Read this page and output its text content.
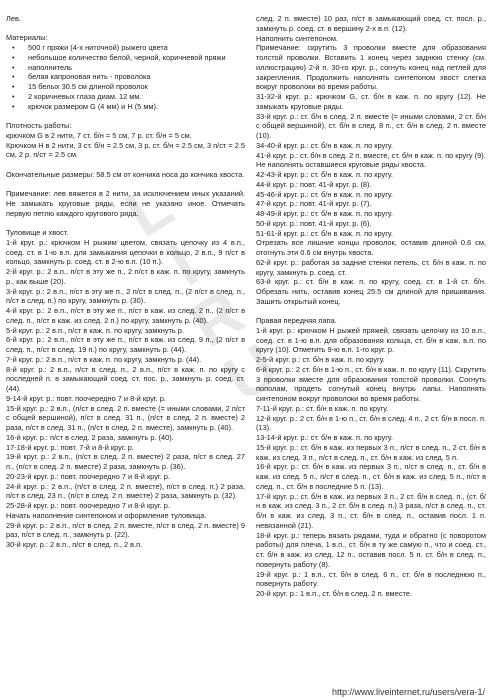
L
I
R
U

Лев.

Материалы:

• 500 г пряжи (4-х ниточной) рыжего цвета

• небольшое количество белой, черной, коричневой пряжи

• наполнитель

• белая капроновая нить - проволока

• 15 белых 30.5 см длиной проволок

• 2 коричневых глаза диам. 12 мм.

• крючок размером G (4 мм) и H (5 мм).

Плотность работы:

крючком G в 2 нити, 7 ст. б/н = 5 см, 7 р. ст. б/н = 5 см.

Крючком H в 2 нити, 3 ст. б/н = 2.5 см, 3 р. ст. б/н = 2.5 см, 3 п/ст = 2.5 см, 2 р. п/ст = 2.5 см.

Окончательные размеры: 58.5 см от кончика носа до кончика хвоста.

Примечание: лев вяжется в 2 нити, за исключением иных указаний. Не замыкать круговые ряды, если не указано иное. Отмечать первую петлю каждого кругового ряда.

Туловище и хвост.

1-й круг. р.: крючком H рыжим цветом, связать цепочку из 4 в.п., соед. ст. в 1-ю в.п. для замыкания цепочки в кольцо, 2 в.п., 9 п/ст в кольцо, замкнуть р. соед. ст. в 2-ю в.п. (10 п.).

2-й круг. р.: 2 в.п., п/ст в эту же п., 2 п/ст в каж. п. по кругу, замкнуть р., как выше (20).

3-й круг. р.: 2 в.п., п/ст в эту же п., 2 п/ст в след. п., (2 п/ст в след. п., п/ст в след. п.) по кругу, замкнуть р. (30).

4-й круг. р.: 2 в.п., п/ст в эту же п., п/ст в каж. из след. 2 п., (2 п/ст в след. п., п/ст в каж. из след. 2 п.) по кругу, замкнуть р. (40).

5-й круг. р.: 2 в.п., п/ст в каж. п. по кругу, замкнуть р.

6-й круг. р.: 2 в.п., п/ст в эту же п., п/ст в каж. из след. 9 п., (2 п/ст в след. п., п/ст в след. 19 п.) по кругу, замкнуть р. (44).

7-й круг. р.: 2 в.п., п/ст в каж. п. по кругу, замкнуть р. (44).

8-й круг. р.: 2 в.п., п/ст в след. п., 2 в.п., п/ст в каж. п. по кругу с последней п. в замыкающий соед. ст. пос. р., замкнуть р. соед. ст. (44).

9-14-й круг. р.: повт. поочередно 7 и 8-й круг. р.

15-й круг. р.: 2 в.п., (п/ст в след. 2 п. вместе (= иными словами, 2 п/ст с общей вершиной), п/ст в след. 31 п., (п/ст в след. 2 п. вместе) 2 раза, п/ст в след. 31 п., (п/ст в след. 2 п. вместе), замкнуть р. (40).

16-й круг. р.: п/ст в след. 2 раза, замкнуть р. (40).

17-18-й круг. р.: повт. 7-й и 8-й круг. р.

19-й круг. р.: 2 в.п., (п/ст в след. 2 п. вместе) 2 раза, п/ст в след. 27 п., (п/ст в след. 2 п. вместе) 2 раза, замкнуть р. (36).

20-23-й круг. р.: повт. поочередно 7 и 8-й круг. р.

24-й круг. р.: 2 в.п., (п/ст в след. 2 п. вместе), п/ст в след. п.) 2 раза, п/ст в след. 23 п., (п/ст в след. 2 п. вместе) 2 раза, замкнуть р. (32).

25-28-й круг. р.: повт. поочередно 7 и 8-й круг. р.

Начать наполнение синтепоном и оформление туловища.

29-й круг. р.: 2 в.п., п/ст в след. 2 п. вместе, п/ст в след. 2 п. вместе) 9 раз, п/ст в след. п., замкнуть р. (22).

30-й круг. р.: 2 в.п., п/ст в след. п., 2 в.п.

след. 2 п. вместе) 10 раз, п/ст в замыкающий соед. ст. посл. р., замкнуть р. соед. ст. в вершину 2-х в.п. (12).

Наполнить синтепоном.

Примечание: скрутить 3 проволки вместе для образования толстой проволки. Вставить 1 конец через заднюю стенку (см. иллюстрацию) 2-й п. 30-го круг. р., согнуть конец над петлей для закрепления. Продолжить наполнять синтепоном хвост слегка вокруг проволоки во время работы.

31-32-й круг. р.: крючком G, ст. б/н в каж. п. по кругу (12). Не замыкать круговые ряды.

33-й круг. р.: ст. б/н в след. 2 п. вместе (= иными словами, 2 ст. б/н с общей вершиной), ст. б/н в след. 8 п., ст. б/н в след. 2 п. вместе (10).

34-40-й круг. р.: ст. б/н в каж. п. по кругу.

41-й круг. р.: ст. б/н в след. 2 п. вместе, ст. б/н в каж. п. по кругу (9).

Не наполнять оставшиеся круговые ряды хвоста.

42-43-й круг. р.: ст. б/н в каж. п. по кругу.

44-й круг. р.: повт. 41-й круг. р. (8).

45-46-й круг. р.: ст. б/н в каж. п. по кругу.

47-й круг. р.: повт. 41-й круг. р. (7).

48-49-й круг. р.: ст. б/н в каж. п. по кругу.

50-й круг. р.: повт. 41-й круг. р. (6).

51-61-й круг. р.: ст. б/н в каж. п. по кругу.

Отрезать все лишние концы проволок, оставив длиной 0.6 см, отогнуть эти 0.6 см внутрь хвоста.

62-й круг. р.: работая за задние стенки петель, ст. б/н в каж. п. по кругу, замкнуть р. соед. ст.

63-й круг. р.: ст. б/н в каж. п. по кругу, соед. ст. в 1-й ст. б/н. Обрезать нить, оставив конец 25.5 см длиной для пришивания. Зашить открытый конец.

Правая передняя лапа.

1-й круг. р.: крючком H рыжей пряжей, связать цепочку из 10 в.п., соед. ст. в 1-ю в.п. для образования кольца, ст. б/н в каж. в.п. по кругу (10). Отметить 9-ю в.п. 1-го круг. р.

2-5-й круг. р.: ст. б/н в каж. п. по кругу.

6-й круг. р.: 2 ст. б/н в 1-ю п., ст. б/н в каж. п. по кругу (11). Скрутить 3 проволки вместе для образования толстой проволки. Согнуть пополам, продеть согнутый конец внутрь лапы. Наполнять синтепоном вокруг проволоки во время работы.

7-11-й круг. р.: ст. б/н в каж. п. по кругу.

12-й круг. р.: 2 ст. б/н в 1-ю п., ст. б/н в след. 4 п., 2 ст. б/н в посл. п. (13).

13-14-й круг. р.: ст. б/н в каж. п. по кругу.

15-й круг. р.: ст. б/н в каж. из первых 3 п., п/ст в след. п., 2 ст. б/н в каж. из след. 3 п., п/ст в след. п., ст. б/н в каж. из след. 5 п.

16-й круг. р.: ст. б/н в каж. из первых 3 п., п/ст в след. п., ст. б/н в каж. из след. 5 п., п/ст в след. п., ст. б/н в каж. из след. 5 п., п/ст в след. п., ст. б/н в последние 5 п. (13).

17-й круг. р.: ст. б/н в каж. из первых 3 п., 2 ст. б/н в след. п., (ст. б/н в каж. из след. 3 п., 2 ст. б/н в след. п.) 3 раза, п/ст в след. п., ст. б/н в каж. из след. 3 п., ст. б/н в след. п., оставив посл. 1 п. невязанной (21).

18-й круг. р.: теперь вязать рядами, туда и обратно (с поворотом работы) для плеча, 1 в.п., ст. б/н в ту же самую п., что и соед. ст., ст. б/н в каж. из след. 12 п., оставив посл. 5 п. ст. б/н в след. п., повернуть работу (8).

19-й круг. р.: 1 в.п., ст. б/н в след. 6 п., ст. б/н в последнюю п., повернуть работу.

20-й круг. р.: 1 в.п., ст. б/н в след. 2 п. вместе.

http://www.liveinternet.ru/users/vera-1/
